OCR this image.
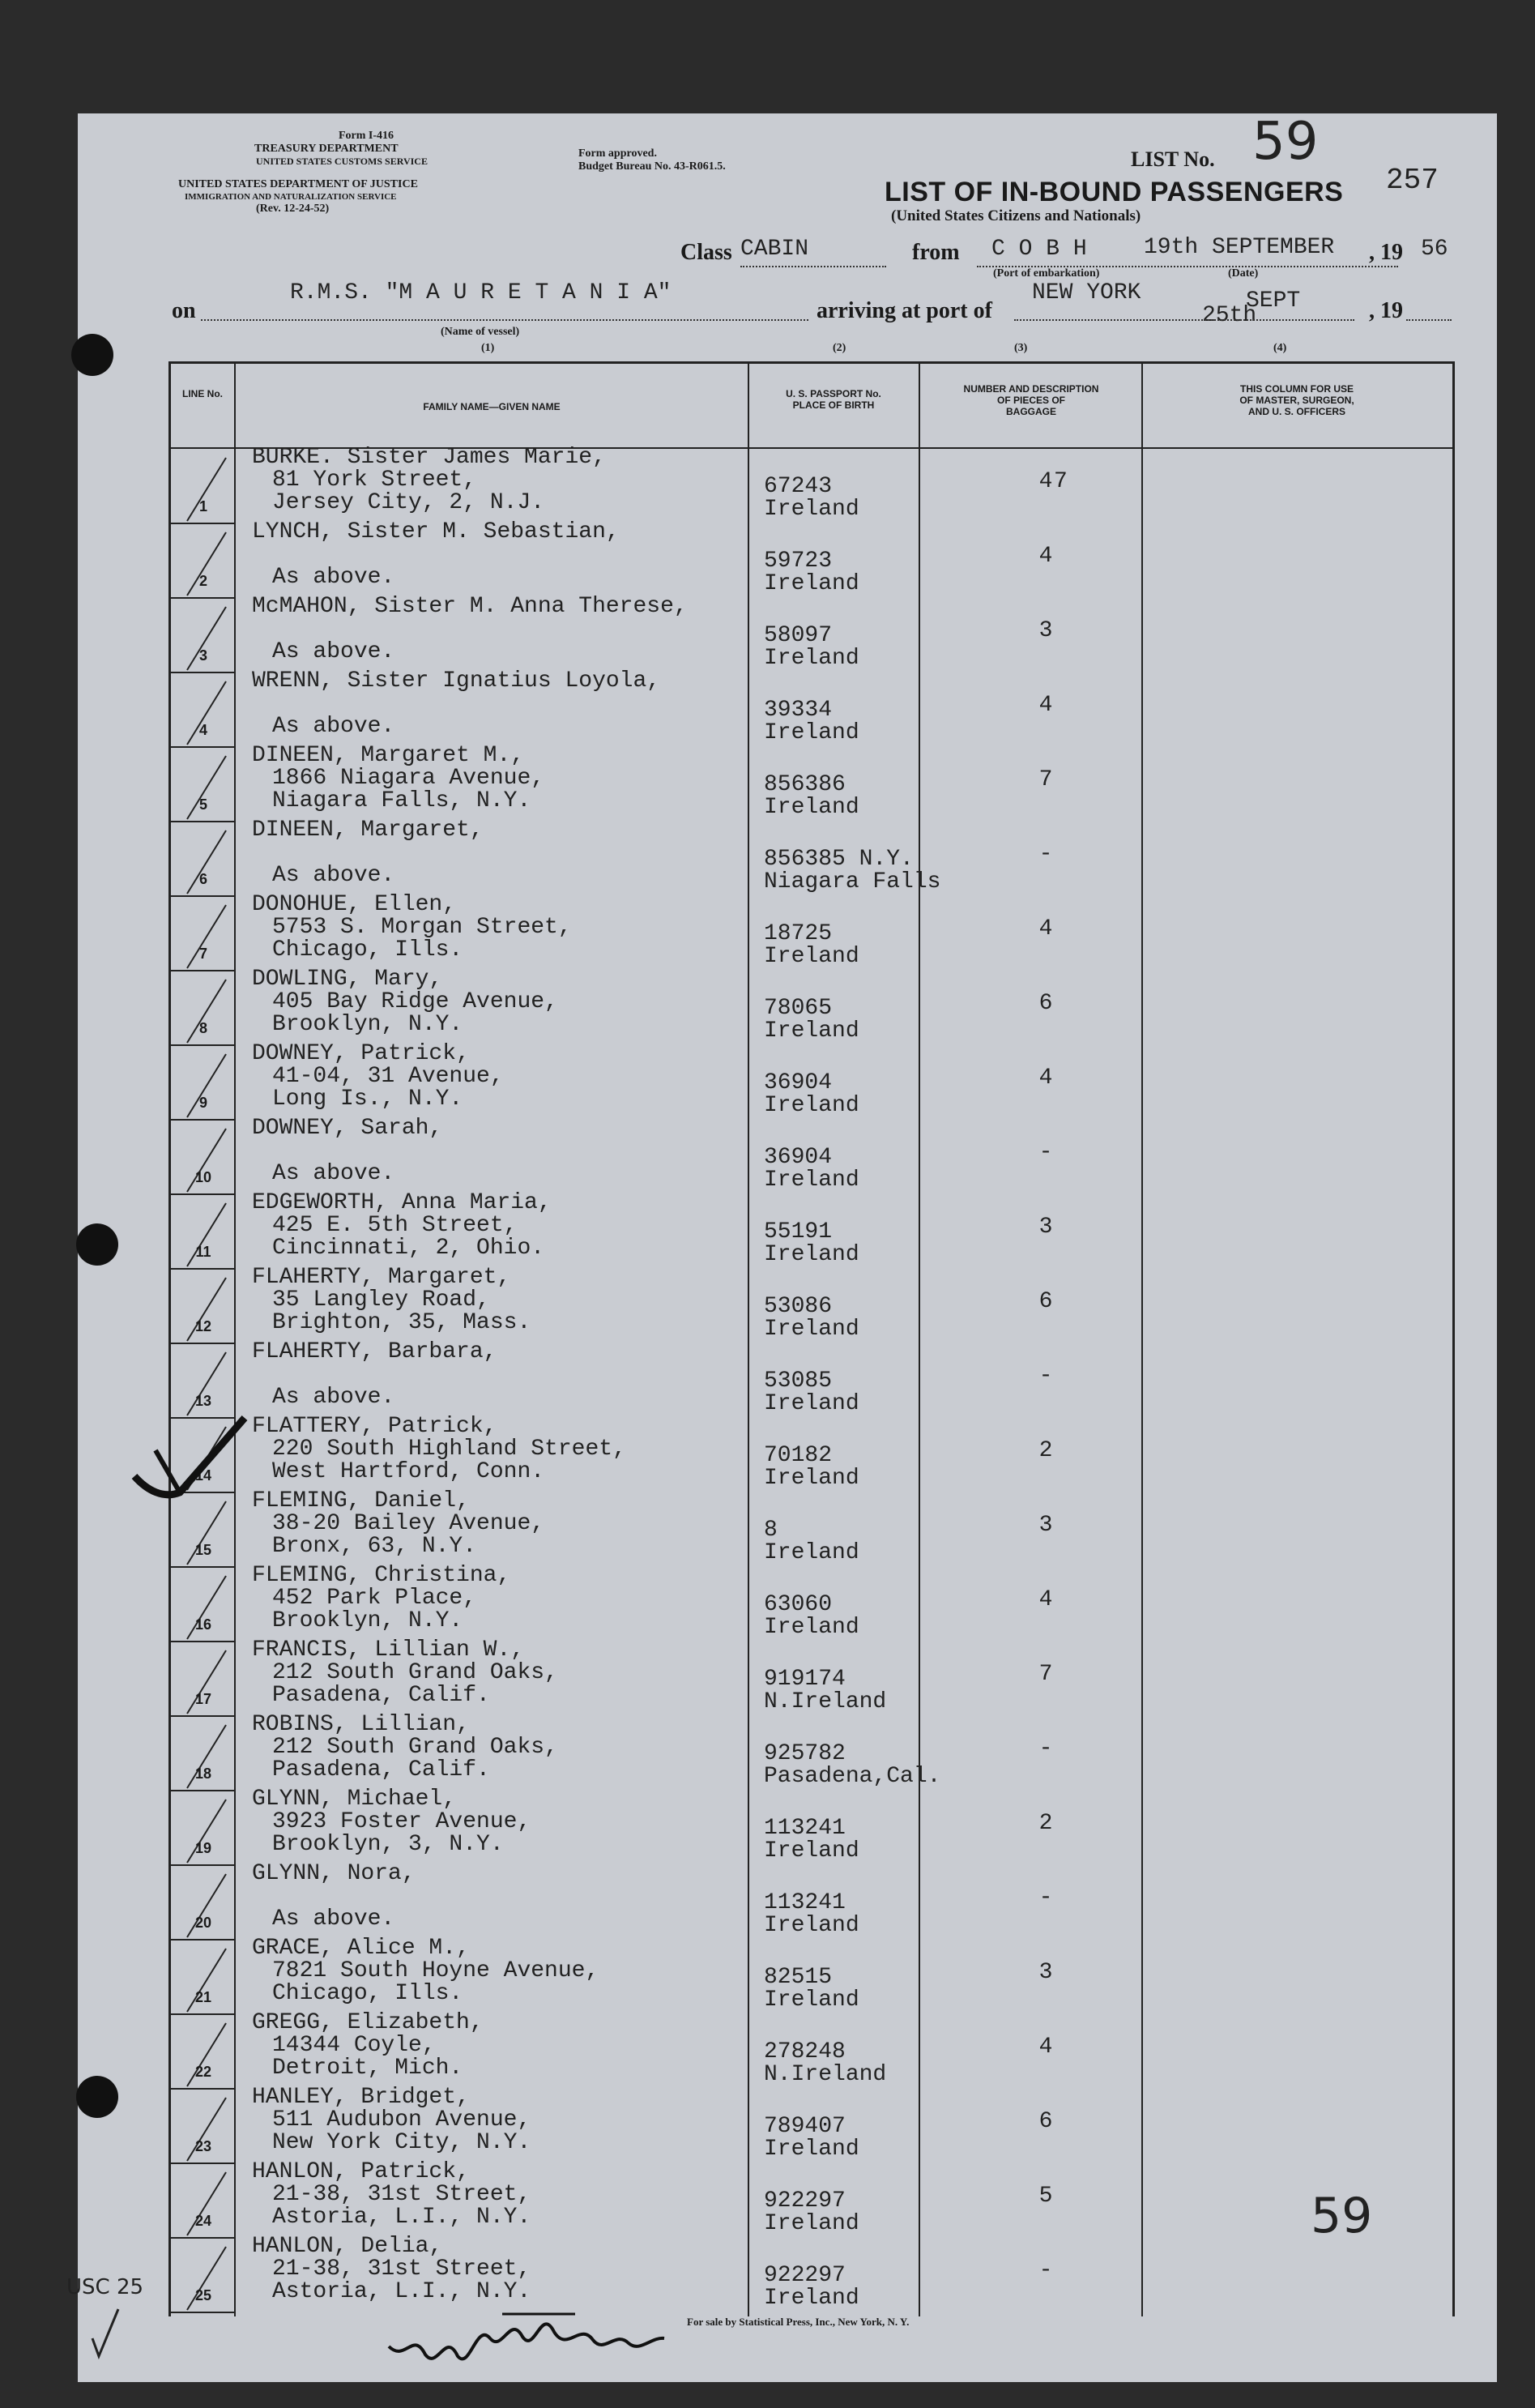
Form I-416
TREASURY DEPARTMENT
UNITED STATES CUSTOMS SERVICE
UNITED STATES DEPARTMENT OF JUSTICE
IMMIGRATION AND NATURALIZATION SERVICE
(Rev. 12-24-52)
Form approved.
Budget Bureau No. 43-R061.5.	LIST No. 59
257
LIST OF IN-BOUND PASSENGERS
(United States Citizens and Nationals)
Class CABIN	from C O B H
(Port of embarkation)
19th SEPTEMBER
(Date)
, 19 56
on
R.M.S. "M A U R E T A N I A"
(Name of vessel)
arriving at port of
NEW YORK
25th
SEPT	, 19
(1)	(2)	(3)	(4)
LINE No.
FAMILY NAME—GIVEN NAME
U. S. PASSPORT No.
PLACE OF BIRTH
NUMBER AND DESCRIPTION
OF PIECES OF
BAGGAGE
THIS COLUMN FOR USE
OF MASTER, SURGEON,
AND U. S. OFFICERS
1
BURKE. Sister James Marie,
81 York Street,
Jersey City, 2, N.J.
67243
Ireland
4 7
2
LYNCH, Sister M. Sebastian,
As above.
59723
Ireland
4
3
McMAHON, Sister M. Anna Therese,
As above.
58097
Ireland
3
4
WRENN, Sister Ignatius Loyola,
As above.
39334
Ireland
4
5
DINEEN, Margaret M.,
1866 Niagara Avenue,
Niagara Falls, N.Y.
856386
Ireland
7
6
DINEEN, Margaret,
As above.
856385 N.Y.
Niagara Falls
-
7
DONOHUE, Ellen,
5753 S. Morgan Street,
Chicago, Ills.
18725
Ireland
4
8
DOWLING, Mary,
405 Bay Ridge Avenue,
Brooklyn, N.Y.
78065
Ireland
6
9
DOWNEY, Patrick,
41-04, 31 Avenue,
Long Is., N.Y.
36904
Ireland
4
10
DOWNEY, Sarah,
As above.
36904
Ireland
-
11
EDGEWORTH, Anna Maria,
425 E. 5th Street,
Cincinnati, 2, Ohio.
55191
Ireland
3
12
FLAHERTY, Margaret,
35 Langley Road,
Brighton, 35, Mass.
53086
Ireland
6
13
FLAHERTY, Barbara,
As above.
53085
Ireland
-
14
FLATTERY, Patrick,
220 South Highland Street,
West Hartford, Conn.
70182
Ireland
2
15
FLEMING, Daniel,
38-20 Bailey Avenue,
Bronx, 63, N.Y.
8
Ireland
3
16
FLEMING, Christina,
452 Park Place,
Brooklyn, N.Y.
63060
Ireland
4
17
FRANCIS, Lillian W.,
212 South Grand Oaks,
Pasadena, Calif.
919174
N.Ireland
7
18
ROBINS, Lillian,
212 South Grand Oaks,
Pasadena, Calif.
925782
Pasadena,Cal.
-
19
GLYNN, Michael,
3923 Foster Avenue,
Brooklyn, 3, N.Y.
113241
Ireland
2
20
GLYNN, Nora,
As above.
113241
Ireland
-
21
GRACE, Alice M.,
7821 South Hoyne Avenue,
Chicago, Ills.
82515
Ireland
3
22
GREGG, Elizabeth,
14344 Coyle,
Detroit, Mich.
278248
N.Ireland
4
23
HANLEY, Bridget,
511 Audubon Avenue,
New York City, N.Y.
789407
Ireland
6
24
HANLON, Patrick,
21-38, 31st Street,
Astoria, L.I., N.Y.
922297
Ireland
5
25
HANLON, Delia,
21-38, 31st Street,
Astoria, L.I., N.Y.
922297
Ireland
-
USC 25
59
For sale by Statistical Press, Inc., New York, N. Y.
